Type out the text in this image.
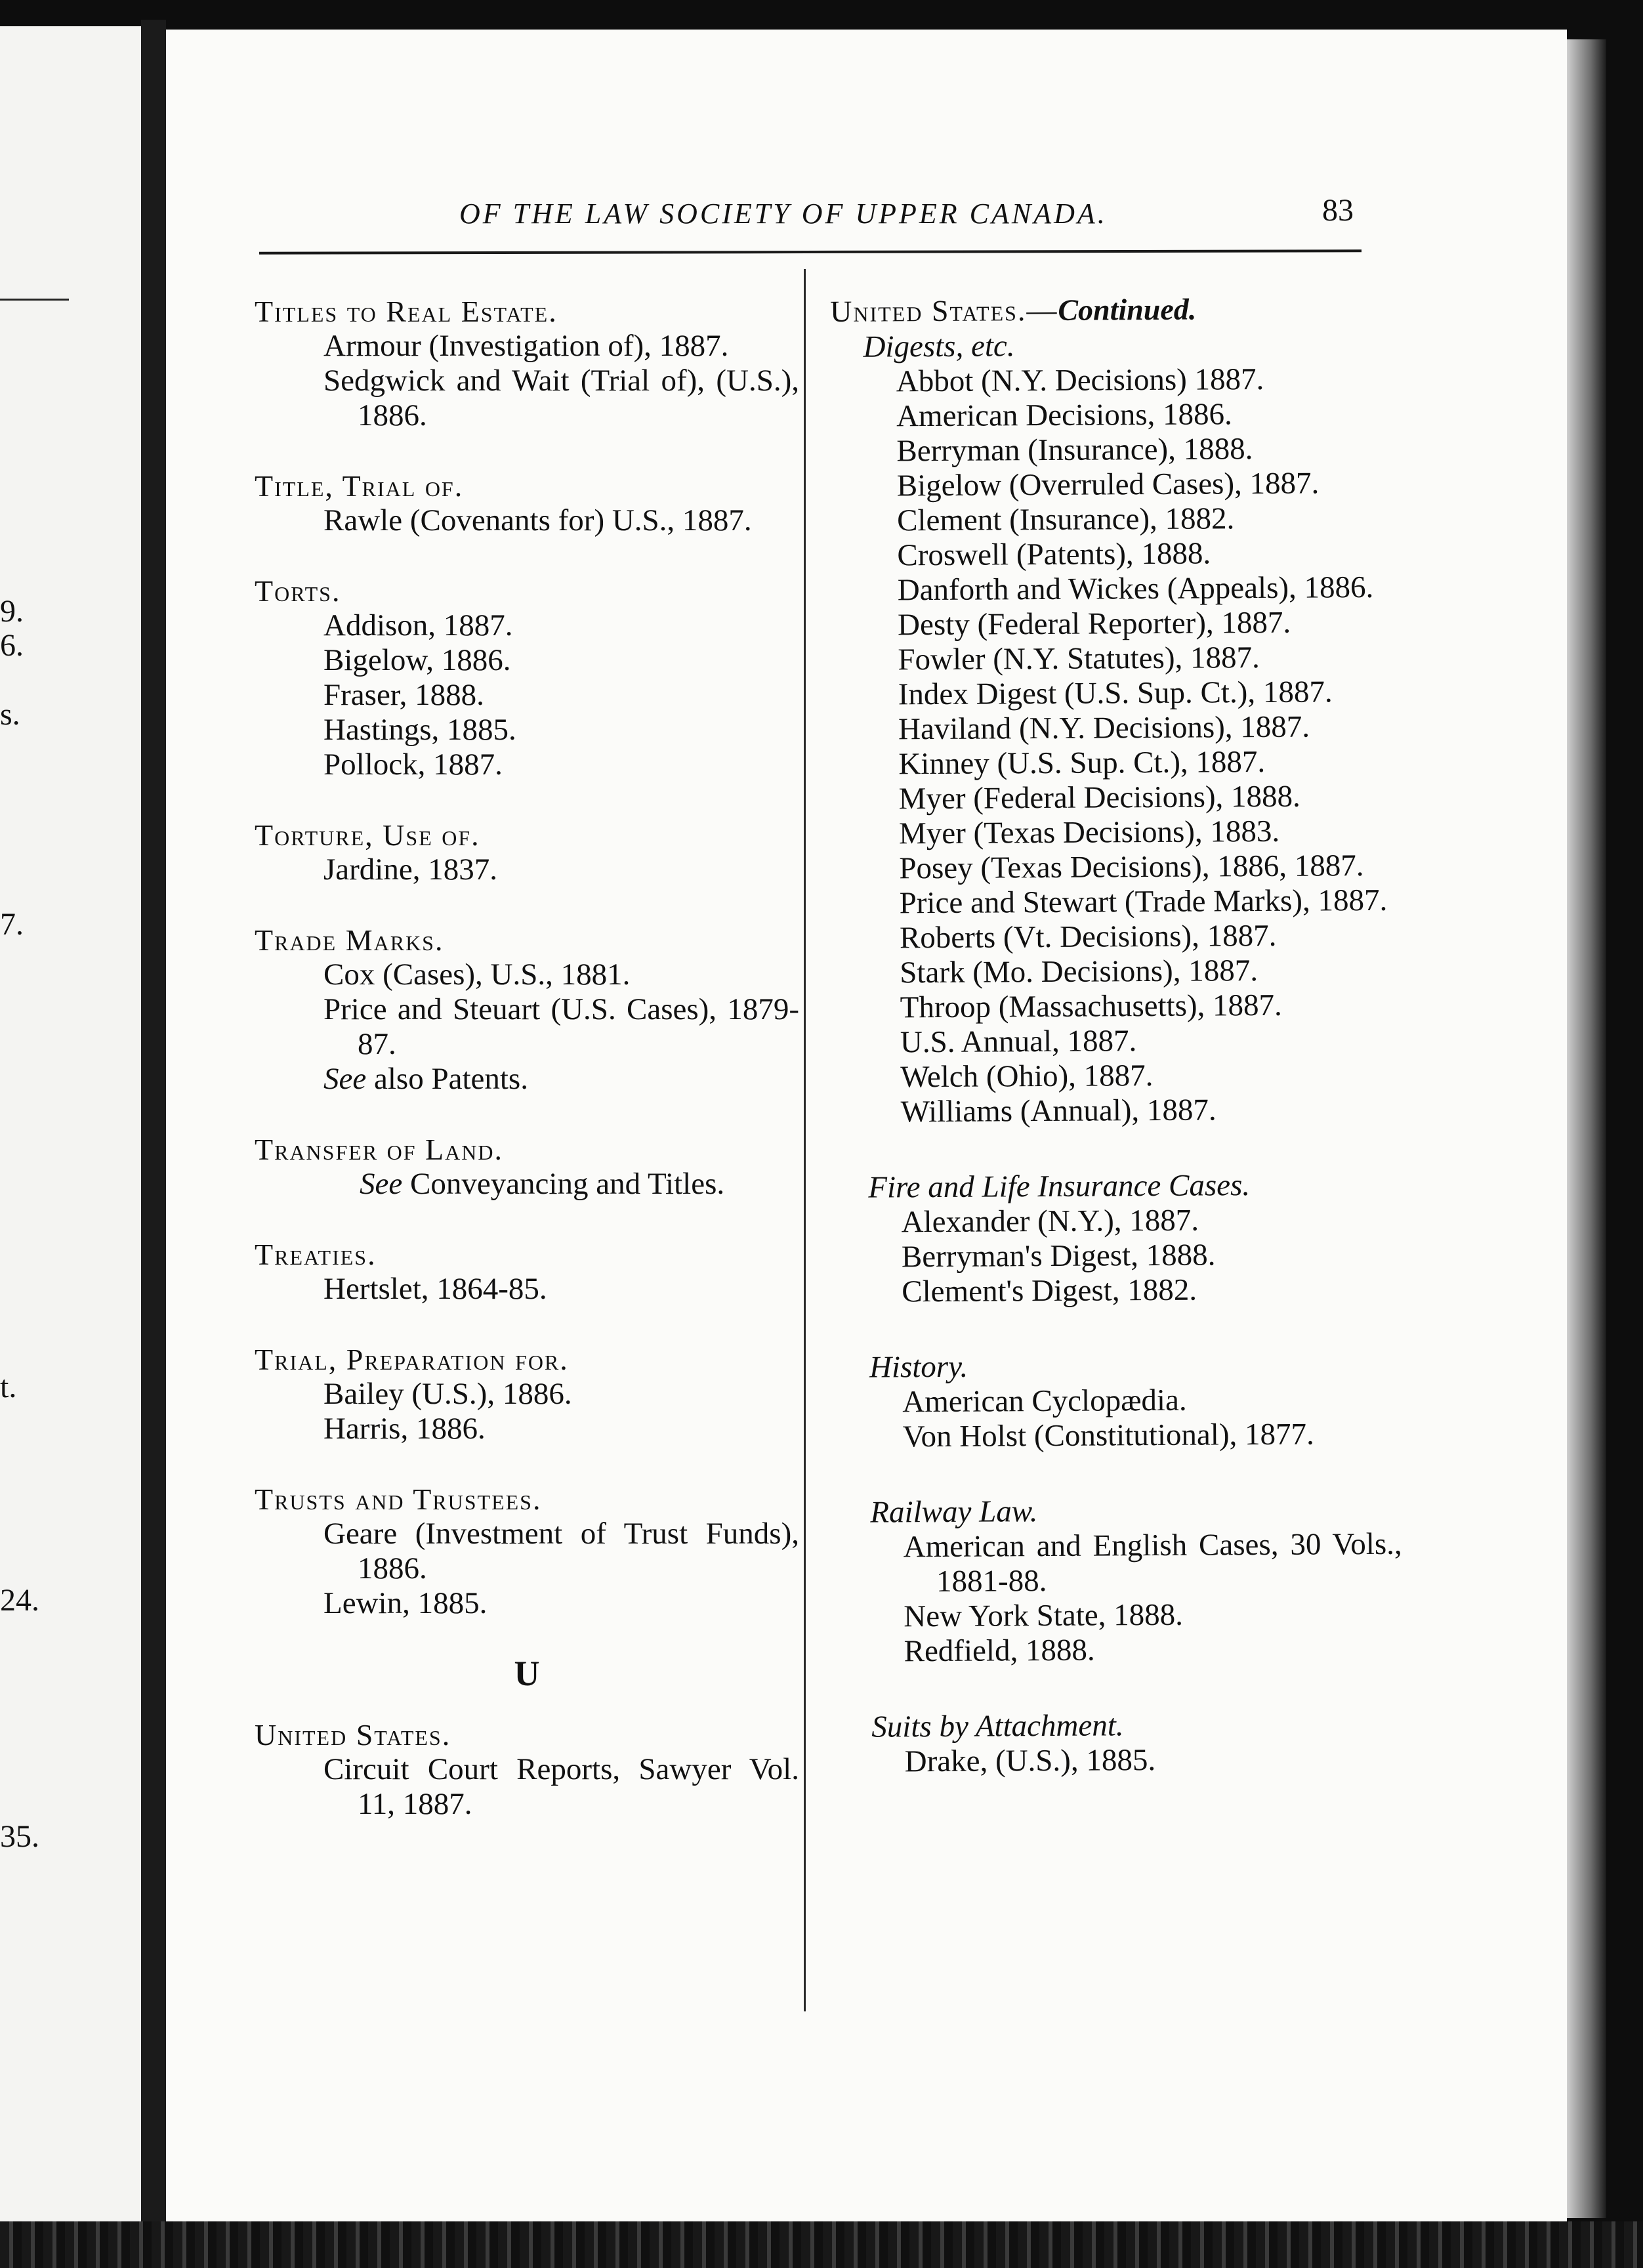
9.
6.
s.
7.
t.
24.
35.
OF THE LAW SOCIETY OF UPPER CANADA.	83
Titles to Real Estate.
Armour (Investigation of), 1887.
Sedgwick and Wait (Trial of), (U.S.), 1886.
Title, Trial of.
Rawle (Covenants for) U.S., 1887.
Torts.
Addison, 1887.
Bigelow, 1886.
Fraser, 1888.
Hastings, 1885.
Pollock, 1887.
Torture, Use of.
Jardine, 1837.
Trade Marks.
Cox (Cases), U.S., 1881.
Price and Steuart (U.S. Cases), 1879-87.
See also Patents.
Transfer of Land.
See Conveyancing and Titles.
Treaties.
Hertslet, 1864-85.
Trial, Preparation for.
Bailey (U.S.), 1886.
Harris, 1886.
Trusts and Trustees.
Geare (Investment of Trust Funds), 1886.
Lewin, 1885.
U
United States.
Circuit Court Reports, Sawyer Vol. 11, 1887.
United States.—Continued.
Digests, etc.
Abbot (N.Y. Decisions) 1887.
American Decisions, 1886.
Berryman (Insurance), 1888.
Bigelow (Overruled Cases), 1887.
Clement (Insurance), 1882.
Croswell (Patents), 1888.
Danforth and Wickes (Appeals), 1886.
Desty (Federal Reporter), 1887.
Fowler (N.Y. Statutes), 1887.
Index Digest (U.S. Sup. Ct.), 1887.
Haviland (N.Y. Decisions), 1887.
Kinney (U.S. Sup. Ct.), 1887.
Myer (Federal Decisions), 1888.
Myer (Texas Decisions), 1883.
Posey (Texas Decisions), 1886, 1887.
Price and Stewart (Trade Marks), 1887.
Roberts (Vt. Decisions), 1887.
Stark (Mo. Decisions), 1887.
Throop (Massachusetts), 1887.
U.S. Annual, 1887.
Welch (Ohio), 1887.
Williams (Annual), 1887.
Fire and Life Insurance Cases.
Alexander (N.Y.), 1887.
Berryman's Digest, 1888.
Clement's Digest, 1882.
History.
American Cyclopædia.
Von Holst (Constitutional), 1877.
Railway Law.
American and English Cases, 30 Vols., 1881-88.
New York State, 1888.
Redfield, 1888.
Suits by Attachment.
Drake, (U.S.), 1885.
